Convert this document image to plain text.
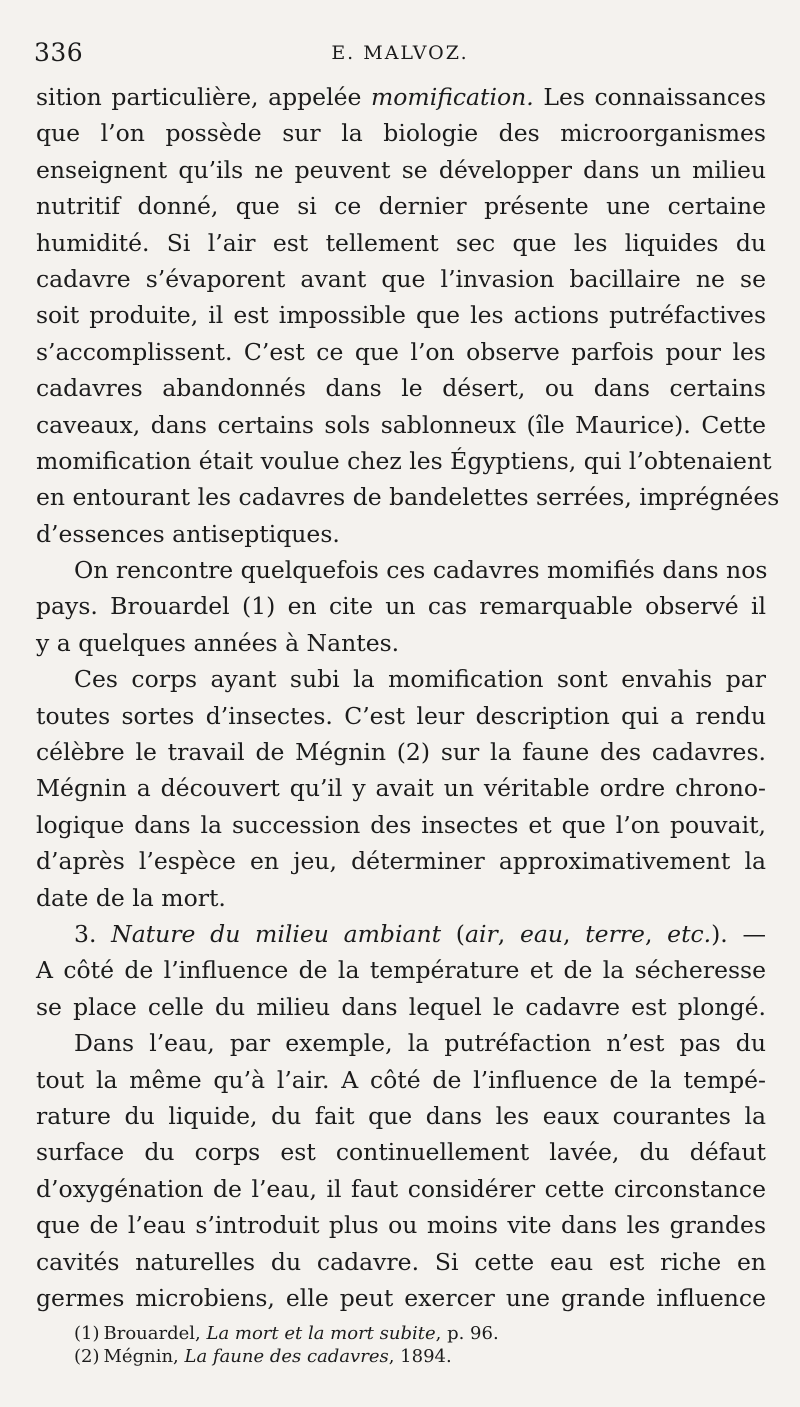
336	E. MALVOZ.
sition particulière, appelée momification. Les connaissances
que l’on possède sur la biologie des microorganismes
enseignent qu’ils ne peuvent se développer dans un milieu
nutritif donné, que si ce dernier présente une certaine
humidité. Si l’air est tellement sec que les liquides du
cadavre s’évaporent avant que l’invasion bacillaire ne se
soit produite, il est impossible que les actions putréfactives
s’accomplissent. C’est ce que l’on observe parfois pour les
cadavres abandonnés dans le désert, ou dans certains
caveaux, dans certains sols sablonneux (île Maurice). Cette
momification était voulue chez les Égyptiens, qui l’obtenaient
en entourant les cadavres de bandelettes serrées, imprégnées
d’essences antiseptiques.
On rencontre quelquefois ces cadavres momifiés dans nos
pays. Brouardel (1) en cite un cas remarquable observé il
y a quelques années à Nantes.
Ces corps ayant subi la momification sont envahis par
toutes sortes d’insectes. C’est leur description qui a rendu
célèbre le travail de Mégnin (2) sur la faune des cadavres.
Mégnin a découvert qu’il y avait un véritable ordre chrono-
logique dans la succession des insectes et que l’on pouvait,
d’après l’espèce en jeu, déterminer approximativement la
date de la mort.
3. Nature du milieu ambiant (air, eau, terre, etc.). —
A côté de l’influence de la température et de la sécheresse
se place celle du milieu dans lequel le cadavre est plongé.
Dans l’eau, par exemple, la putréfaction n’est pas du
tout la même qu’à l’air. A côté de l’influence de la tempé-
rature du liquide, du fait que dans les eaux courantes la
surface du corps est continuellement lavée, du défaut
d’oxygénation de l’eau, il faut considérer cette circonstance
que de l’eau s’introduit plus ou moins vite dans les grandes
cavités naturelles du cadavre. Si cette eau est riche en
germes microbiens, elle peut exercer une grande influence
(1) Brouardel, La mort et la mort subite, p. 96.
(2) Mégnin, La faune des cadavres, 1894.
